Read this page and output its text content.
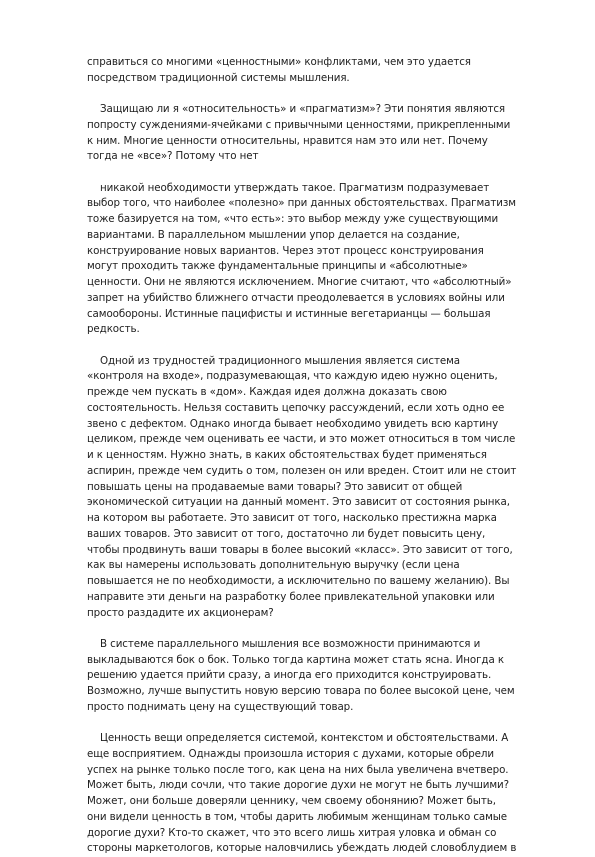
справиться со многими «ценностными» конфликтами, чем это удается
посредством традиционной системы мышления.
Защищаю ли я «относительность» и «прагматизм»? Эти понятия являются
попросту суждениями-ячейками с привычными ценностями, прикрепленными
к ним. Многие ценности относительны, нравится нам это или нет. Почему
тогда не «все»? Потому что нет
никакой необходимости утверждать такое. Прагматизм подразумевает
выбор того, что наиболее «полезно» при данных обстоятельствах. Прагматизм
тоже базируется на том, «что есть»: это выбор между уже существующими
вариантами. В параллельном мышлении упор делается на создание,
конструирование новых вариантов. Через этот процесс конструирования
могут проходить также фундаментальные принципы и «абсолютные»
ценности. Они не являются исключением. Многие считают, что «абсолютный»
запрет на убийство ближнего отчасти преодолевается в условиях войны или
самообороны. Истинные пацифисты и истинные вегетарианцы — большая
редкость.
Одной из трудностей традиционного мышления является система
«контроля на входе», подразумевающая, что каждую идею нужно оценить,
прежде чем пускать в «дом». Каждая идея должна доказать свою
состоятельность. Нельзя составить цепочку рассуждений, если хоть одно ее
звено с дефектом. Однако иногда бывает необходимо увидеть всю картину
целиком, прежде чем оценивать ее части, и это может относиться в том числе
и к ценностям. Нужно знать, в каких обстоятельствах будет применяться
аспирин, прежде чем судить о том, полезен он или вреден. Стоит или не стоит
повышать цены на продаваемые вами товары? Это зависит от общей
экономической ситуации на данный момент. Это зависит от состояния рынка,
на котором вы работаете. Это зависит от того, насколько престижна марка
ваших товаров. Это зависит от того, достаточно ли будет повысить цену,
чтобы продвинуть ваши товары в более высокий «класс». Это зависит от того,
как вы намерены использовать дополнительную выручку (если цена
повышается не по необходимости, а исключительно по вашему желанию). Вы
направите эти деньги на разработку более привлекательной упаковки или
просто раздадите их акционерам?
В системе параллельного мышления все возможности принимаются и
выкладываются бок о бок. Только тогда картина может стать ясна. Иногда к
решению удается прийти сразу, а иногда его приходится конструировать.
Возможно, лучше выпустить новую версию товара по более высокой цене, чем
просто поднимать цену на существующий товар.
Ценность вещи определяется системой, контекстом и обстоятельствами. А
еще восприятием. Однажды произошла история с духами, которые обрели
успех на рынке только после того, как цена на них была увеличена вчетверо.
Может быть, люди сочли, что такие дорогие духи не могут не быть лучшими?
Может, они больше доверяли ценнику, чем своему обонянию? Может быть,
они видели ценность в том, чтобы дарить любимым женщинам только самые
дорогие духи? Кто-то скажет, что это всего лишь хитрая уловка и обман со
стороны маркетологов, которые наловчились убеждать людей словоблудием в
